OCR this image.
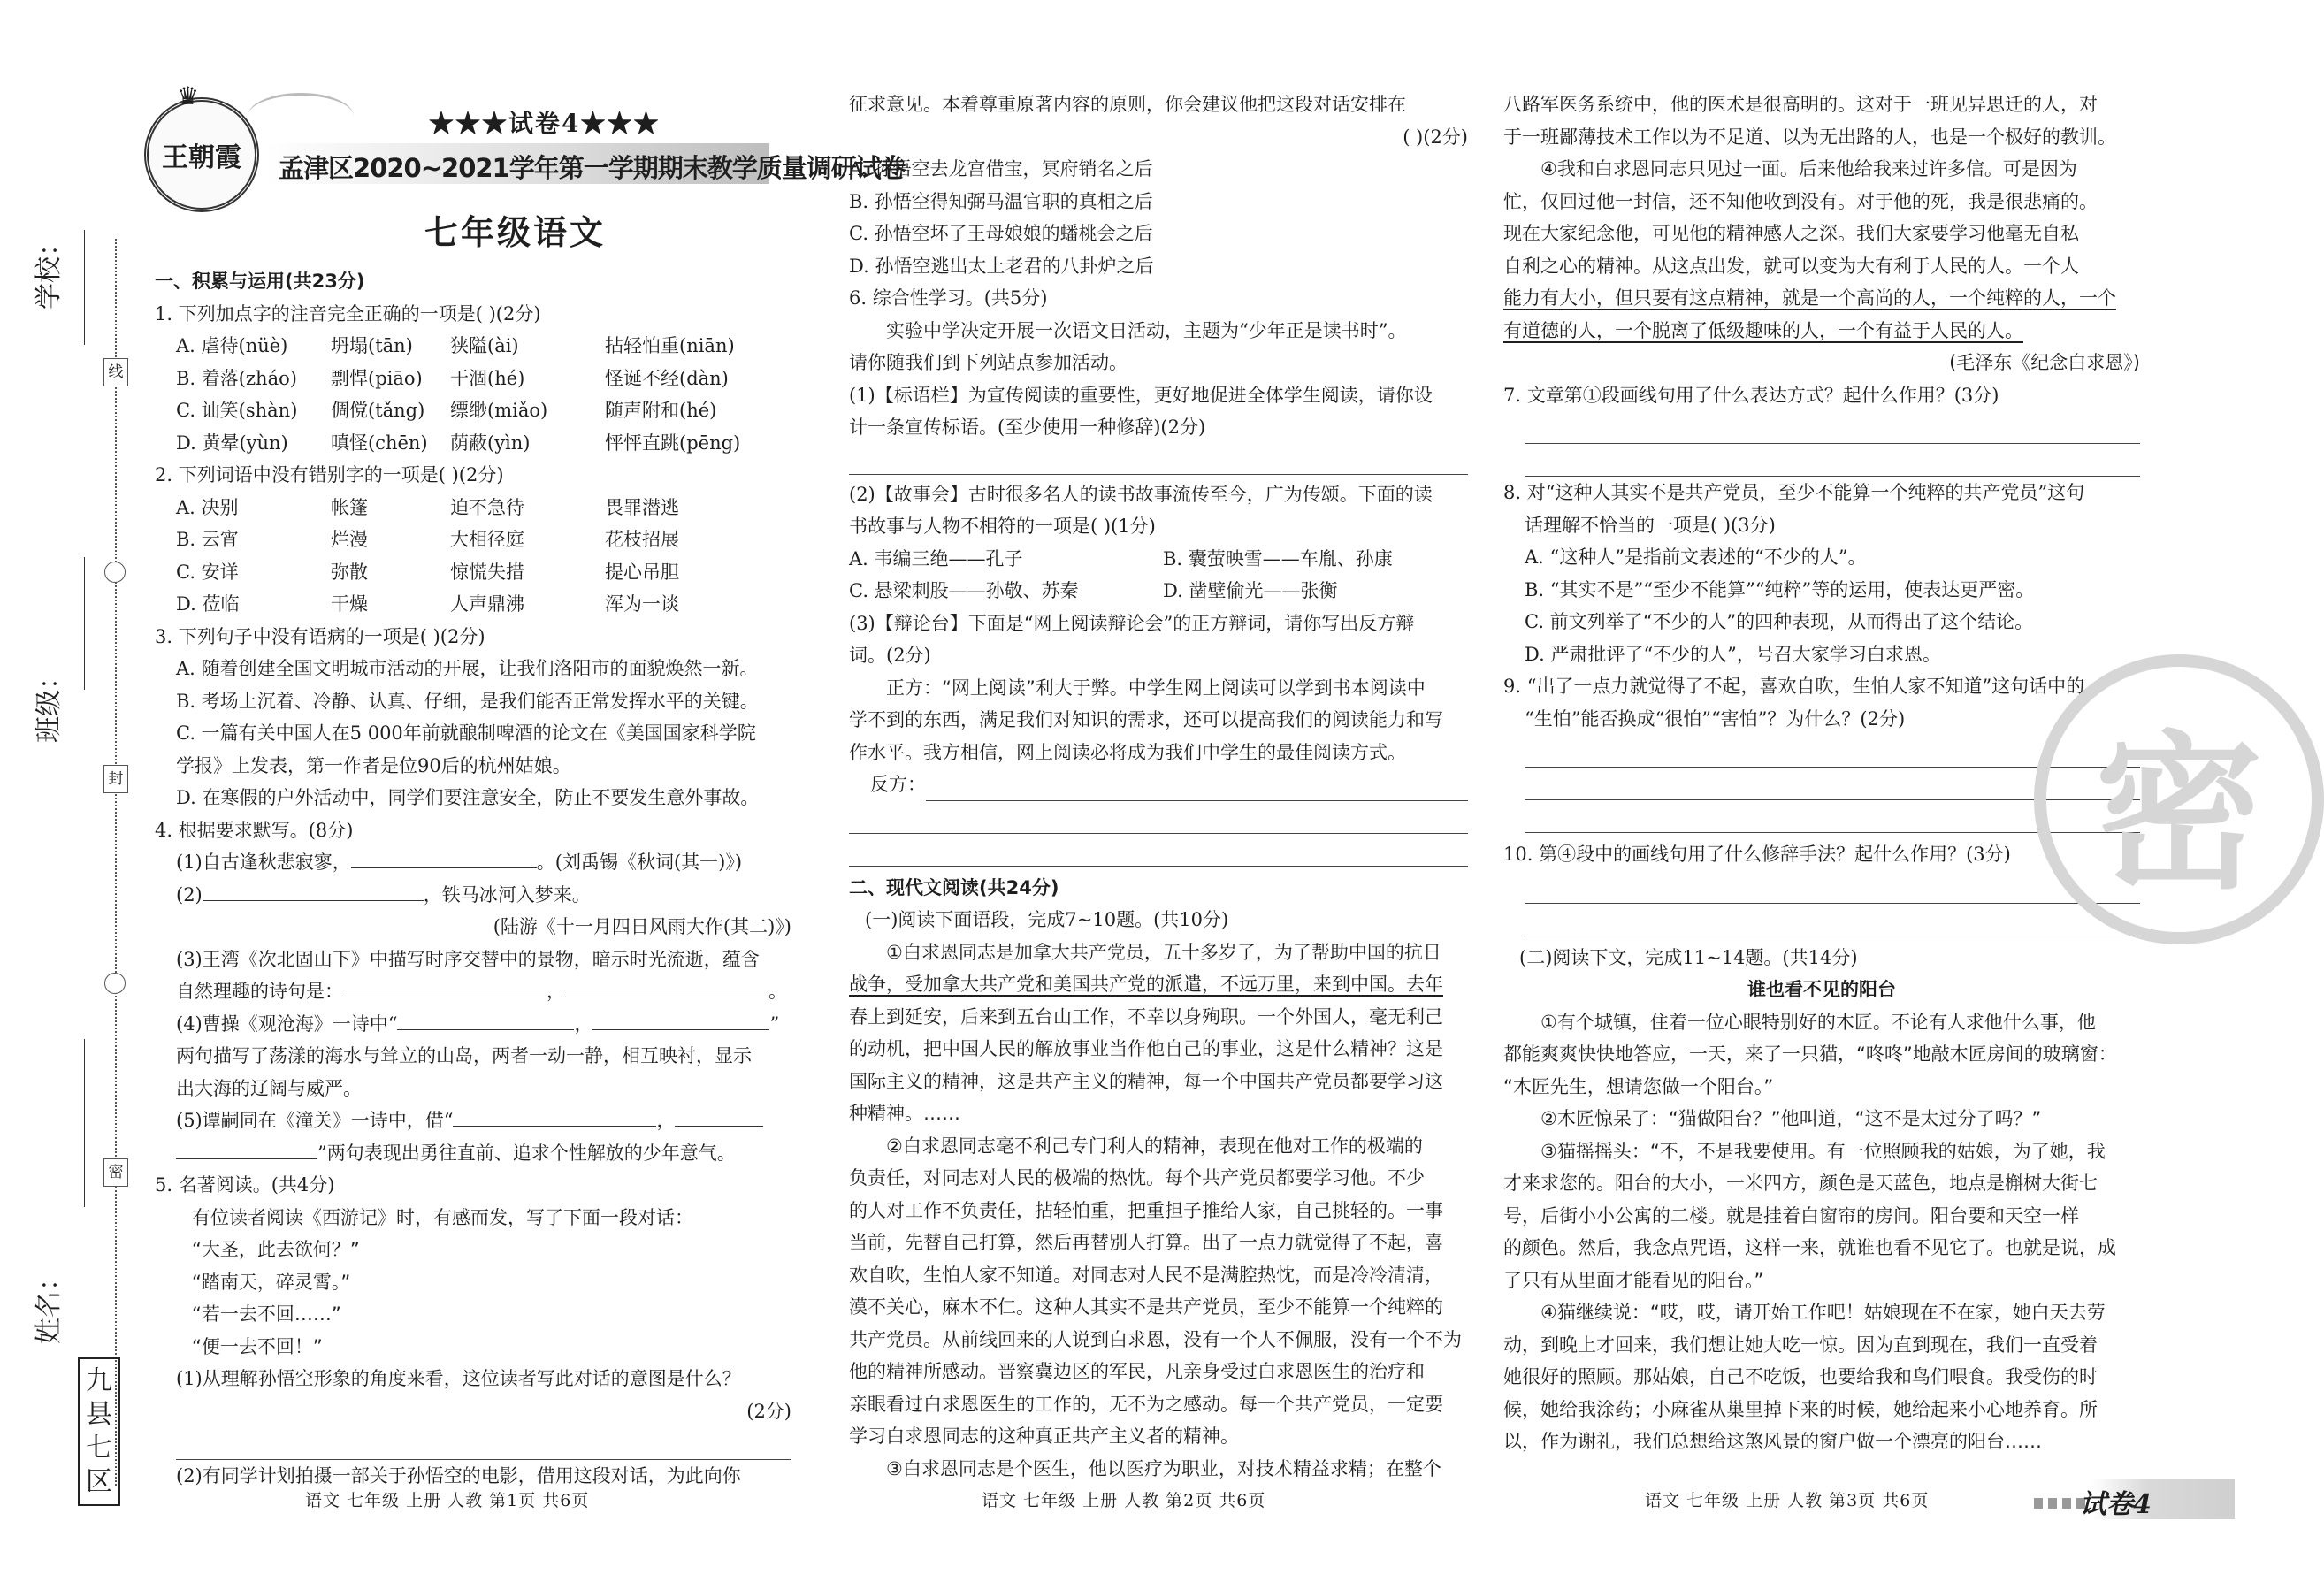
线
封
密
学校：
班级：
姓名：
九县七区
王朝霞
♛
★★★试卷4★★★
孟津区2020~2021学年第一学期期末教学质量调研试卷
七年级语文

一、积累与运用(共23分)

1. 下列加点字的注音完全正确的一项是( )(2分)

A. 虐待(nüè)	坍塌(tān)	狭隘(ài)	拈轻怕重(niān)
B. 着落(zháo)	剽悍(piāo)	干涸(hé)	怪诞不经(dàn)
C. 讪笑(shàn)	倜傥(tǎng)	缥缈(miǎo)	随声附和(hé)
D. 黄晕(yùn)	嗔怪(chēn)	荫蔽(yìn)	怦怦直跳(pēng)

2. 下列词语中没有错别字的一项是( )(2分)

A. 决别	帐篷	迫不急待	畏罪潜逃
B. 云宵	烂漫	大相径庭	花枝招展
C. 安详	弥散	惊慌失措	提心吊胆
D. 莅临	干燥	人声鼎沸	浑为一谈

3. 下列句子中没有语病的一项是( )(2分)

A. 随着创建全国文明城市活动的开展，让我们洛阳市的面貌焕然一新。

B. 考场上沉着、冷静、认真、仔细，是我们能否正常发挥水平的关键。

C. 一篇有关中国人在5 000年前就酿制啤酒的论文在《美国国家科学院

学报》上发表，第一作者是位90后的杭州姑娘。

D. 在寒假的户外活动中，同学们要注意安全，防止不要发生意外事故。

4. 根据要求默写。(8分)

(1)自古逢秋悲寂寥，	。(刘禹锡《秋词(其一)》)

(2)	，铁马冰河入梦来。

(陆游《十一月四日风雨大作(其二)》)

(3)王湾《次北固山下》中描写时序交替中的景物，暗示时光流逝，蕴含

自然理趣的诗句是：	，	。

(4)曹操《观沧海》一诗中“	，	”

两句描写了荡漾的海水与耸立的山岛，两者一动一静，相互映衬，显示

出大海的辽阔与威严。

(5)谭嗣同在《潼关》一诗中，借“	，

”两句表现出勇往直前、追求个性解放的少年意气。

5. 名著阅读。(共4分)

有位读者阅读《西游记》时，有感而发，写了下面一段对话：

“大圣，此去欲何？”

“踏南天，碎灵霄。”

“若一去不回……”

“便一去不回！”

(1)从理解孙悟空形象的角度来看，这位读者写此对话的意图是什么？

(2分)

(2)有同学计划拍摄一部关于孙悟空的电影，借用这段对话，为此向你

征求意见。本着尊重原著内容的原则，你会建议他把这段对话安排在

( )(2分)

A. 孙悟空去龙宫借宝，冥府销名之后

B. 孙悟空得知弼马温官职的真相之后

C. 孙悟空坏了王母娘娘的蟠桃会之后

D. 孙悟空逃出太上老君的八卦炉之后

6. 综合性学习。(共5分)

实验中学决定开展一次语文日活动，主题为“少年正是读书时”。

请你随我们到下列站点参加活动。

(1)【标语栏】为宣传阅读的重要性，更好地促进全体学生阅读，请你设

计一条宣传标语。(至少使用一种修辞)(2分)

(2)【故事会】古时很多名人的读书故事流传至今，广为传颂。下面的读

书故事与人物不相符的一项是( )(1分)

A. 韦编三绝——孔子	B. 囊萤映雪——车胤、孙康
C. 悬梁刺股——孙敬、苏秦	D. 凿壁偷光——张衡

(3)【辩论台】下面是“网上阅读辩论会”的正方辩词，请你写出反方辩

词。(2分)

正方：“网上阅读”利大于弊。中学生网上阅读可以学到书本阅读中

学不到的东西，满足我们对知识的需求，还可以提高我们的阅读能力和写

作水平。我方相信，网上阅读必将成为我们中学生的最佳阅读方式。

反方：

二、现代文阅读(共24分)

(一)阅读下面语段，完成7~10题。(共10分)

①白求恩同志是加拿大共产党员，五十多岁了，为了帮助中国的抗日

战争，受加拿大共产党和美国共产党的派遣，不远万里，来到中国。去年

春上到延安，后来到五台山工作，不幸以身殉职。一个外国人，毫无利己

的动机，把中国人民的解放事业当作他自己的事业，这是什么精神？这是

国际主义的精神，这是共产主义的精神，每一个中国共产党员都要学习这

种精神。……

②白求恩同志毫不利己专门利人的精神，表现在他对工作的极端的

负责任，对同志对人民的极端的热忱。每个共产党员都要学习他。不少

的人对工作不负责任，拈轻怕重，把重担子推给人家，自己挑轻的。一事

当前，先替自己打算，然后再替别人打算。出了一点力就觉得了不起，喜

欢自吹，生怕人家不知道。对同志对人民不是满腔热忱，而是冷冷清清，

漠不关心，麻木不仁。这种人其实不是共产党员，至少不能算一个纯粹的

共产党员。从前线回来的人说到白求恩，没有一个人不佩服，没有一个不为

他的精神所感动。晋察冀边区的军民，凡亲身受过白求恩医生的治疗和

亲眼看过白求恩医生的工作的，无不为之感动。每一个共产党员，一定要

学习白求恩同志的这种真正共产主义者的精神。

③白求恩同志是个医生，他以医疗为职业，对技术精益求精；在整个

八路军医务系统中，他的医术是很高明的。这对于一班见异思迁的人，对

于一班鄙薄技术工作以为不足道、以为无出路的人，也是一个极好的教训。

④我和白求恩同志只见过一面。后来他给我来过许多信。可是因为

忙，仅回过他一封信，还不知他收到没有。对于他的死，我是很悲痛的。

现在大家纪念他，可见他的精神感人之深。我们大家要学习他毫无自私

自利之心的精神。从这点出发，就可以变为大有利于人民的人。一个人

能力有大小，但只要有这点精神，就是一个高尚的人，一个纯粹的人，一个

有道德的人，一个脱离了低级趣味的人，一个有益于人民的人。

(毛泽东《纪念白求恩》)

7. 文章第①段画线句用了什么表达方式？起什么作用？(3分)

8. 对“这种人其实不是共产党员，至少不能算一个纯粹的共产党员”这句

话理解不恰当的一项是( )(3分)

A. “这种人”是指前文表述的“不少的人”。

B. “其实不是”“至少不能算”“纯粹”等的运用，使表达更严密。

C. 前文列举了“不少的人”的四种表现，从而得出了这个结论。

D. 严肃批评了“不少的人”，号召大家学习白求恩。

9. “出了一点力就觉得了不起，喜欢自吹，生怕人家不知道”这句话中的

“生怕”能否换成“很怕”“害怕”？为什么？(2分)

10. 第④段中的画线句用了什么修辞手法？起什么作用？(3分)

(二)阅读下文，完成11~14题。(共14分)

谁也看不见的阳台

①有个城镇，住着一位心眼特别好的木匠。不论有人求他什么事，他

都能爽爽快快地答应，一天，来了一只猫，“咚咚”地敲木匠房间的玻璃窗：

“木匠先生，想请您做一个阳台。”

②木匠惊呆了：“猫做阳台？”他叫道，“这不是太过分了吗？”

③猫摇摇头：“不，不是我要使用。有一位照顾我的姑娘，为了她，我

才来求您的。阳台的大小，一米四方，颜色是天蓝色，地点是槲树大街七

号，后街小小公寓的二楼。就是挂着白窗帘的房间。阳台要和天空一样

的颜色。然后，我念点咒语，这样一来，就谁也看不见它了。也就是说，成

了只有从里面才能看见的阳台。”

④猫继续说：“哎，哎，请开始工作吧！姑娘现在不在家，她白天去劳

动，到晚上才回来，我们想让她大吃一惊。因为直到现在，我们一直受着

她很好的照顾。那姑娘，自己不吃饭，也要给我和鸟们喂食。我受伤的时

候，她给我涂药；小麻雀从巢里掉下来的时候，她给起来小心地养育。所

以，作为谢礼，我们总想给这煞风景的窗户做一个漂亮的阳台……

密
语文 七年级 上册 人教 第1页 共6页	语文 七年级 上册 人教 第2页 共6页	语文 七年级 上册 人教 第3页 共6页	试卷4
